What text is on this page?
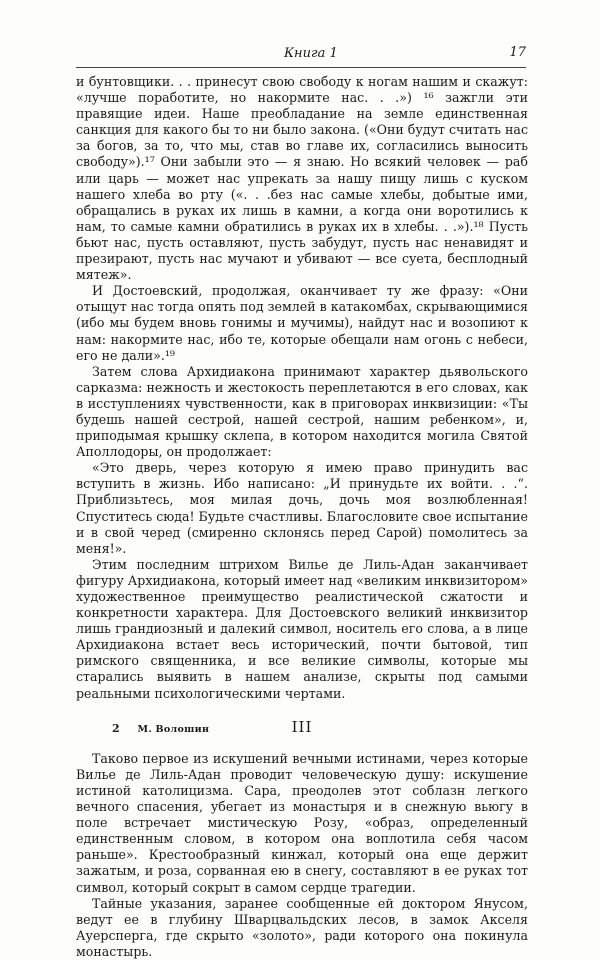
Книга 1	17

и бунтовщики. . . принесут свою свободу к ногам нашим и скажут: «лучше поработите, но накормите нас. . .») ¹⁶ зажгли эти правящие идеи. Наше преобладание на земле единственная санкция для какого бы то ни было закона. («Они будут считать нас за богов, за то, что мы, став во главе их, согласились выносить свободу»).¹⁷ Они забыли это — я знаю. Но всякий человек — раб или царь — может нас упрекать за нашу пищу лишь с куском нашего хлеба во рту («. . .без нас самые хлебы, добытые ими, обращались в руках их лишь в камни, а когда они воротились к нам, то самые камни обратились в руках их в хлебы. . .»).¹⁸ Пусть бьют нас, пусть оставляют, пусть забудут, пусть нас ненавидят и презирают, пусть нас мучают и убивают — все суета, бесплодный мятеж».

И Достоевский, продолжая, оканчивает ту же фразу: «Они отыщут нас тогда опять под землей в катакомбах, скрывающимися (ибо мы будем вновь гонимы и мучимы), найдут нас и возопиют к нам: накормите нас, ибо те, которые обещали нам огонь с небеси, его не дали».¹⁹

Затем слова Архидиакона принимают характер дьявольского сарказма: нежность и жестокость переплетаются в его словах, как в исступлениях чувственности, как в приговорах инквизиции: «Ты будешь нашей сестрой, нашей сестрой, нашим ребенком», и, приподымая крышку склепа, в котором находится могила Святой Аполлодоры, он продолжает:

«Это дверь, через которую я имею право принудить вас вступить в жизнь. Ибо написано: „И принудьте их войти. . .“. Приблизьтесь, моя милая дочь, дочь моя возлюбленная! Спуститесь сюда! Будьте счастливы. Благословите свое испытание и в свой черед (смиренно склонясь перед Сарой) помолитесь за меня!».

Этим последним штрихом Вилье де Лиль-Адан заканчивает фигуру Архидиакона, который имеет над «великим инквизитором» художественное преимущество реалистической сжатости и конкретности характера. Для Достоевского великий инквизитор лишь грандиозный и далекий символ, носитель его слова, а в лице Архидиакона встает весь исторический, почти бытовой, тип римского священника, и все великие символы, которые мы старались выявить в нашем анализе, скрыты под самыми реальными психологическими чертами.

III

Таково первое из искушений вечными истинами, через которые Вилье де Лиль-Адан проводит человеческую душу: искушение истиной католицизма. Сара, преодолев этот соблазн легкого вечного спасения, убегает из монастыря и в снежную вьюгу в поле встречает мистическую Розу, «образ, определенный единственным словом, в котором она воплотила себя часом раньше». Крестообразный кинжал, который она еще держит зажатым, и роза, сорванная ею в снегу, составляют в ее руках тот символ, который сокрыт в самом сердце трагедии.

Тайные указания, заранее сообщенные ей доктором Янусом, ведут ее в глубину Шварцвальдских лесов, в замок Акселя Ауерсперга, где скрыто «золото», ради которого она покинула монастырь.

2 М. Волошин
